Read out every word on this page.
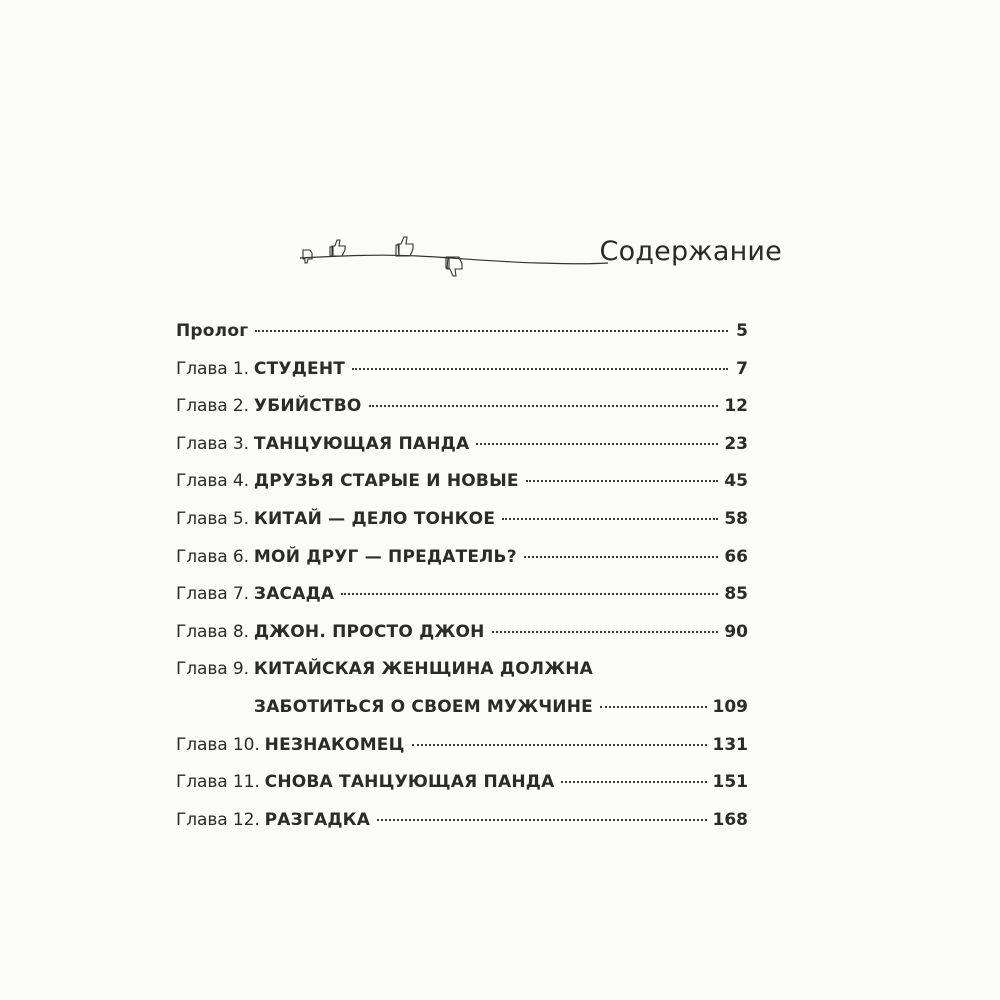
Содержание
Пролог	5
Глава 1. СТУДЕНТ	7
Глава 2. УБИЙСТВО	12
Глава 3. ТАНЦУЮЩАЯ ПАНДА	23
Глава 4. ДРУЗЬЯ СТАРЫЕ И НОВЫЕ	45
Глава 5. КИТАЙ — ДЕЛО ТОНКОЕ	58
Глава 6. МОЙ ДРУГ — ПРЕДАТЕЛЬ?	66
Глава 7. ЗАСАДА	85
Глава 8. ДЖОН. ПРОСТО ДЖОН	90
Глава 9. КИТАЙСКАЯ ЖЕНЩИНА ДОЛЖНА
ЗАБОТИТЬСЯ О СВОЕМ МУЖЧИНЕ	109
Глава 10. НЕЗНАКОМЕЦ	131
Глава 11. СНОВА ТАНЦУЮЩАЯ ПАНДА	151
Глава 12. РАЗГАДКА	168
